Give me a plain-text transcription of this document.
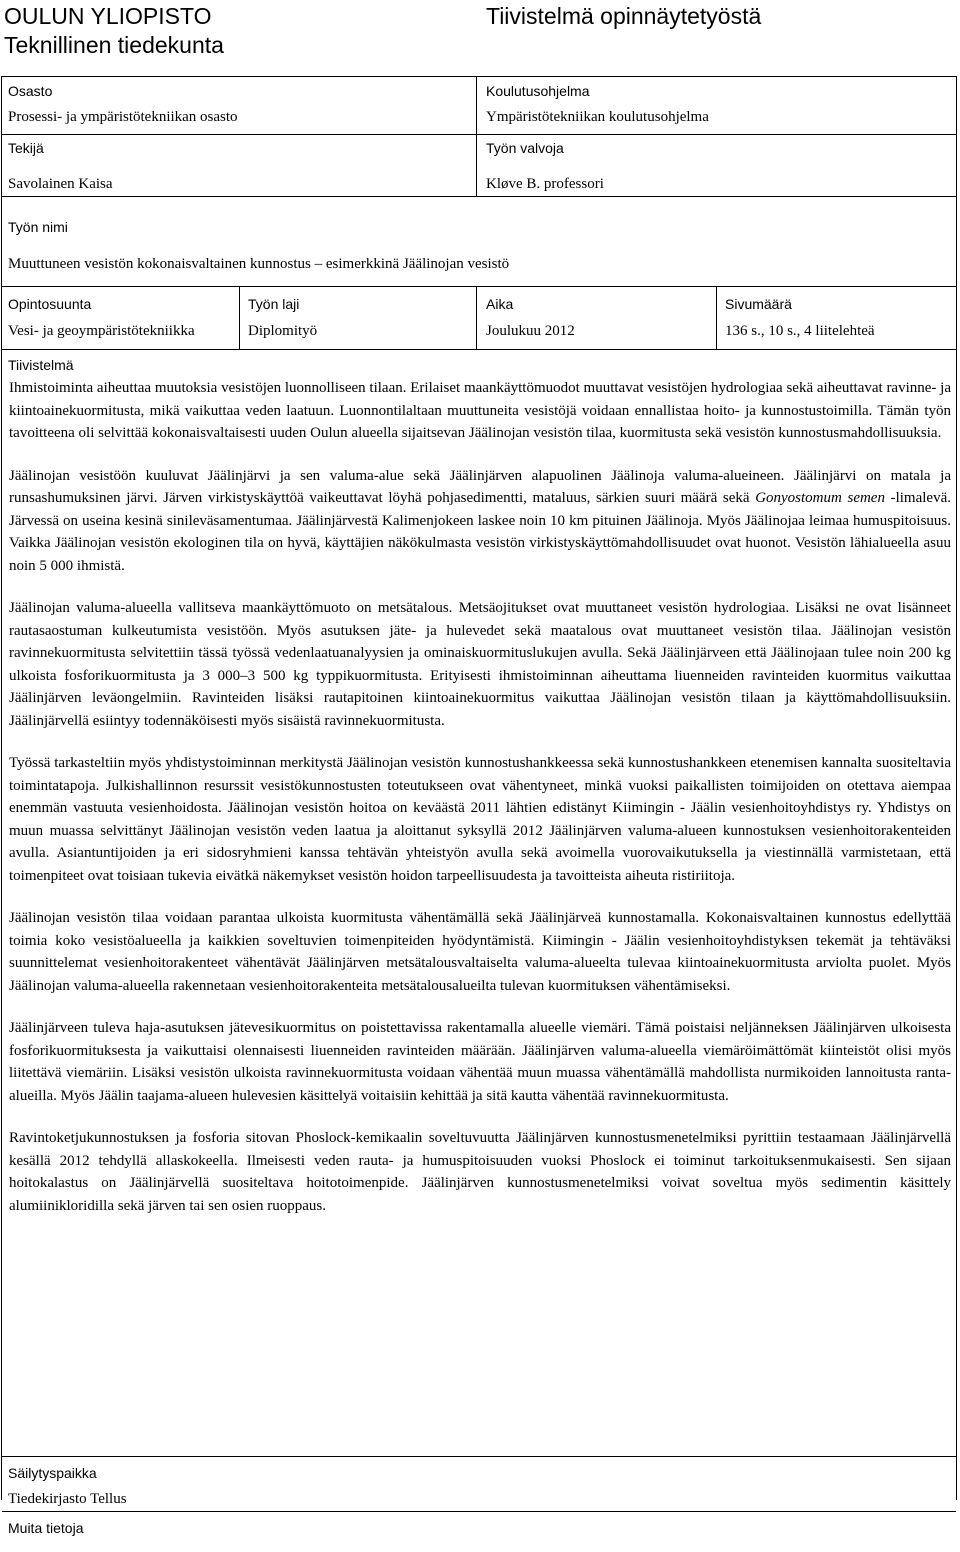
OULUN YLIOPISTO
Teknillinen tiedekunta
Tiivistelmä opinnäytetyöstä
Osasto
Prosessi- ja ympäristötekniikan osasto
Koulutusohjelma
Ympäristötekniikan koulutusohjelma
Tekijä
Savolainen Kaisa
Työn valvoja
Kløve B. professori
Työn nimi
Muuttuneen vesistön kokonaisvaltainen kunnostus – esimerkkinä Jäälinojan vesistö
Opintosuunta
Vesi- ja geoympäristötekniikka
Työn laji
Diplomityö
Aika
Joulukuu 2012
Sivumäärä
136 s., 10 s., 4 liitelehteä
Tiivistelmä

Ihmistoiminta aiheuttaa muutoksia vesistöjen luonnolliseen tilaan. Erilaiset maankäyttömuodot muuttavat vesistöjen hydrologiaa sekä aiheuttavat ravinne- ja kiintoainekuormitusta, mikä vaikuttaa veden laatuun. Luonnontilaltaan muuttuneita vesistöjä voidaan ennallistaa hoito- ja kunnostustoimilla. Tämän työn tavoitteena oli selvittää kokonaisvaltaisesti uuden Oulun alueella sijaitsevan Jäälinojan vesistön tilaa, kuormitusta sekä vesistön kunnostusmahdollisuuksia.

Jäälinojan vesistöön kuuluvat Jäälinjärvi ja sen valuma-alue sekä Jäälinjärven alapuolinen Jäälinoja valuma-alueineen. Jäälinjärvi on matala ja runsashumuksinen järvi. Järven virkistyskäyttöä vaikeuttavat löyhä pohjasedimentti, mataluus, särkien suuri määrä sekä Gonyostomum semen -limalevä. Järvessä on useina kesinä sinileväsamentumaa. Jäälinjärvestä Kalimenjokeen laskee noin 10 km pituinen Jäälinoja. Myös Jäälinojaa leimaa humuspitoisuus. Vaikka Jäälinojan vesistön ekologinen tila on hyvä, käyttäjien näkökulmasta vesistön virkistyskäyttömahdollisuudet ovat huonot. Vesistön lähialueella asuu noin 5 000 ihmistä.

Jäälinojan valuma-alueella vallitseva maankäyttömuoto on metsätalous. Metsäojitukset ovat muuttaneet vesistön hydrologiaa. Lisäksi ne ovat lisänneet rautasaostuman kulkeutumista vesistöön. Myös asutuksen jäte- ja hulevedet sekä maatalous ovat muuttaneet vesistön tilaa. Jäälinojan vesistön ravinnekuormitusta selvitettiin tässä työssä vedenlaatuanalyysien ja ominaiskuormituslukujen avulla. Sekä Jäälinjärveen että Jäälinojaan tulee noin 200 kg ulkoista fosforikuormitusta ja 3 000–3 500 kg typpikuormitusta. Erityisesti ihmistoiminnan aiheuttama liuenneiden ravinteiden kuormitus vaikuttaa Jäälinjärven leväongelmiin. Ravinteiden lisäksi rautapitoinen kiintoainekuormitus vaikuttaa Jäälinojan vesistön tilaan ja käyttömahdollisuuksiin. Jäälinjärvellä esiintyy todennäköisesti myös sisäistä ravinnekuormitusta.

Työssä tarkasteltiin myös yhdistystoiminnan merkitystä Jäälinojan vesistön kunnostushankkeessa sekä kunnostushankkeen etenemisen kannalta suositeltavia toimintatapoja. Julkishallinnon resurssit vesistökunnostusten toteutukseen ovat vähentyneet, minkä vuoksi paikallisten toimijoiden on otettava aiempaa enemmän vastuuta vesienhoidosta. Jäälinojan vesistön hoitoa on keväästä 2011 lähtien edistänyt Kiimingin - Jäälin vesienhoitoyhdistys ry. Yhdistys on muun muassa selvittänyt Jäälinojan vesistön veden laatua ja aloittanut syksyllä 2012 Jäälinjärven valuma-alueen kunnostuksen vesienhoitorakenteiden avulla. Asiantuntijoiden ja eri sidosryhmieni kanssa tehtävän yhteistyön avulla sekä avoimella vuorovaikutuksella ja viestinnällä varmistetaan, että toimenpiteet ovat toisiaan tukevia eivätkä näkemykset vesistön hoidon tarpeellisuudesta ja tavoitteista aiheuta ristiriitoja.

Jäälinojan vesistön tilaa voidaan parantaa ulkoista kuormitusta vähentämällä sekä Jäälinjärveä kunnostamalla. Kokonaisvaltainen kunnostus edellyttää toimia koko vesistöalueella ja kaikkien soveltuvien toimenpiteiden hyödyntämistä. Kiimingin - Jäälin vesienhoitoyhdistyksen tekemät ja tehtäväksi suunnittelemat vesienhoitorakenteet vähentävät Jäälinjärven metsätalousvaltaiselta valuma-alueelta tulevaa kiintoainekuormitusta arviolta puolet. Myös Jäälinojan valuma-alueella rakennetaan vesienhoitorakenteita metsätalousalueilta tulevan kuormituksen vähentämiseksi.

Jäälinjärveen tuleva haja-asutuksen jätevesikuormitus on poistettavissa rakentamalla alueelle viemäri. Tämä poistaisi neljänneksen Jäälinjärven ulkoisesta fosforikuormituksesta ja vaikuttaisi olennaisesti liuenneiden ravinteiden määrään. Jäälinjärven valuma-alueella viemäröimättömät kiinteistöt olisi myös liitettävä viemäriin. Lisäksi vesistön ulkoista ravinnekuormitusta voidaan vähentää muun muassa vähentämällä mahdollista nurmikoiden lannoitusta ranta-alueilla. Myös Jäälin taajama-alueen hulevesien käsittelyä voitaisiin kehittää ja sitä kautta vähentää ravinnekuormitusta.

Ravintoketjukunnostuksen ja fosforia sitovan Phoslock-kemikaalin soveltuvuutta Jäälinjärven kunnostusmenetelmiksi pyrittiin testaamaan Jäälinjärvellä kesällä 2012 tehdyllä allaskokeella. Ilmeisesti veden rauta- ja humuspitoisuuden vuoksi Phoslock ei toiminut tarkoituksenmukaisesti. Sen sijaan hoitokalastus on Jäälinjärvellä suositeltava hoitotoimenpide. Jäälinjärven kunnostusmenetelmiksi voivat soveltua myös sedimentin käsittely alumiinikloridilla sekä järven tai sen osien ruoppaus.

Säilytyspaikka
Tiedekirjasto Tellus
Muita tietoja
